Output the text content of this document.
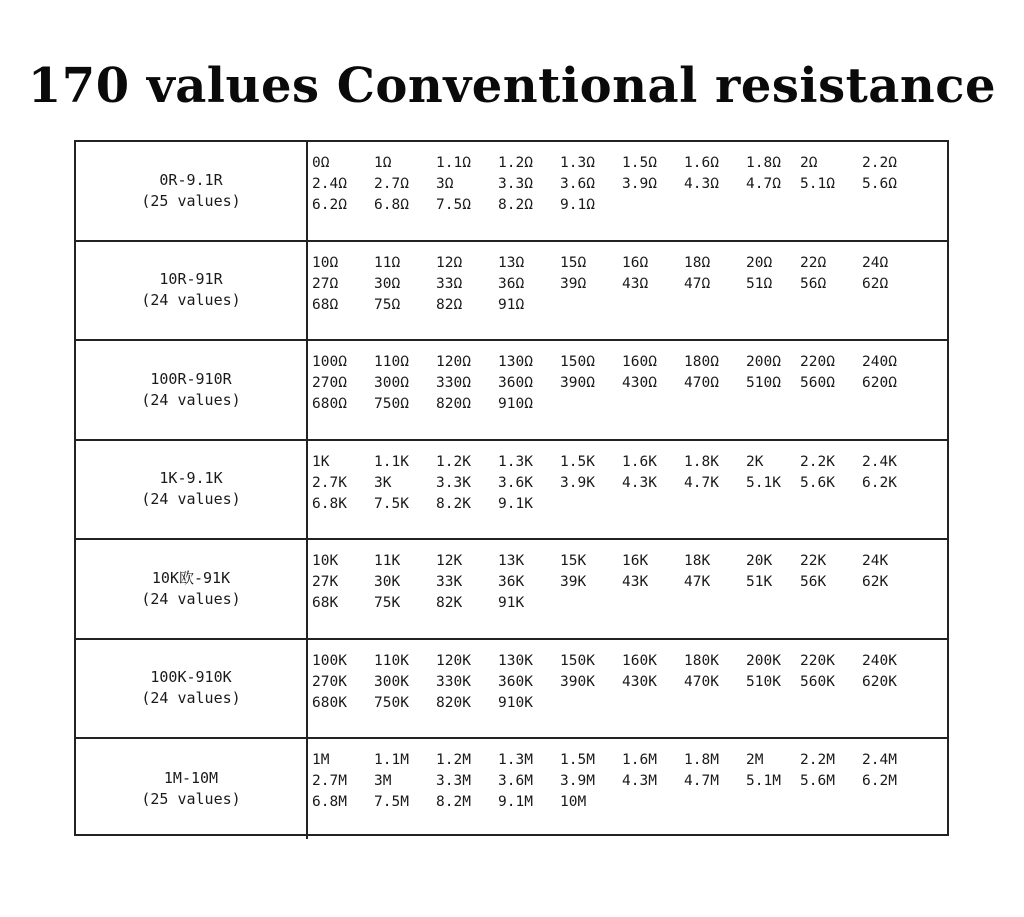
170 values Conventional resistance
0R-9.1R
(25 values)
0Ω	1Ω	1.1Ω 1.2Ω 1.3Ω 1.5Ω 1.6Ω 1.8Ω 2Ω	2.2Ω
2.4Ω 2.7Ω 3Ω	3.3Ω 3.6Ω 3.9Ω 4.3Ω 4.7Ω 5.1Ω 5.6Ω
6.2Ω 6.8Ω 7.5Ω 8.2Ω 9.1Ω
10R-91R
(24 values)
10Ω 11Ω 12Ω 13Ω 15Ω 16Ω 18Ω 20Ω 22Ω 24Ω
27Ω 30Ω 33Ω 36Ω 39Ω 43Ω 47Ω 51Ω 56Ω 62Ω
68Ω 75Ω 82Ω 91Ω
100R-910R
(24 values)
100Ω 110Ω 120Ω 130Ω 150Ω 160Ω 180Ω 200Ω 220Ω 240Ω
270Ω 300Ω 330Ω 360Ω 390Ω 430Ω 470Ω 510Ω 560Ω 620Ω
680Ω 750Ω 820Ω 910Ω
1K-9.1K
(24 values)
1K	1.1K 1.2K 1.3K 1.5K 1.6K 1.8K 2K	2.2K 2.4K
2.7K 3K	3.3K 3.6K 3.9K 4.3K 4.7K 5.1K 5.6K 6.2K
6.8K 7.5K 8.2K 9.1K
10K欧-91K
(24 values)
10K 11K 12K 13K 15K 16K 18K 20K 22K 24K
27K 30K 33K 36K 39K 43K 47K 51K 56K 62K
68K 75K 82K 91K
100K-910K
(24 values)
100K 110K 120K 130K 150K 160K 180K 200K 220K 240K
270K 300K 330K 360K 390K 430K 470K 510K 560K 620K
680K 750K 820K 910K
1M-10M
(25 values)
1M	1.1M 1.2M 1.3M 1.5M 1.6M 1.8M 2M	2.2M 2.4M
2.7M 3M	3.3M 3.6M 3.9M 4.3M 4.7M 5.1M 5.6M 6.2M
6.8M 7.5M 8.2M 9.1M 10M
